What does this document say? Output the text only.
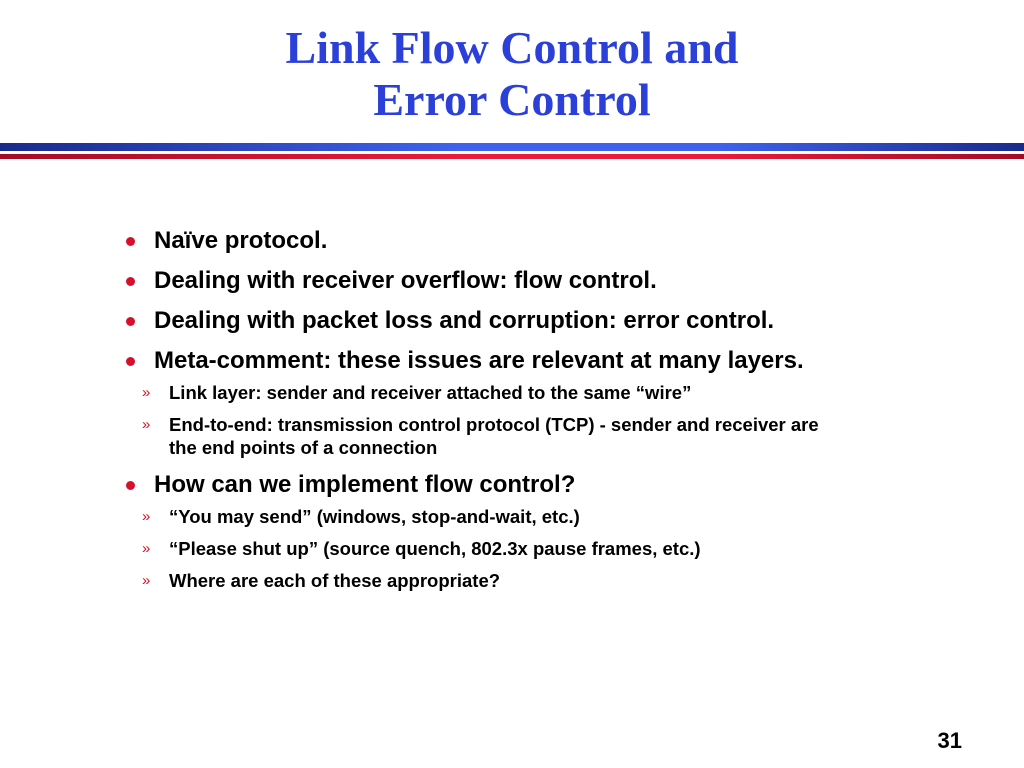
Link Flow Control and
Error Control
Naïve protocol.
Dealing with receiver overflow: flow control.
Dealing with packet loss and corruption: error control.
Meta-comment: these issues are relevant at many layers.
» Link layer: sender and receiver attached to the same “wire”
» End-to-end: transmission control protocol (TCP) - sender and receiver are the end points of a connection
How can we implement flow control?
» “You may send” (windows, stop-and-wait, etc.)
» “Please shut up” (source quench, 802.3x pause frames, etc.)
» Where are each of these appropriate?
31
